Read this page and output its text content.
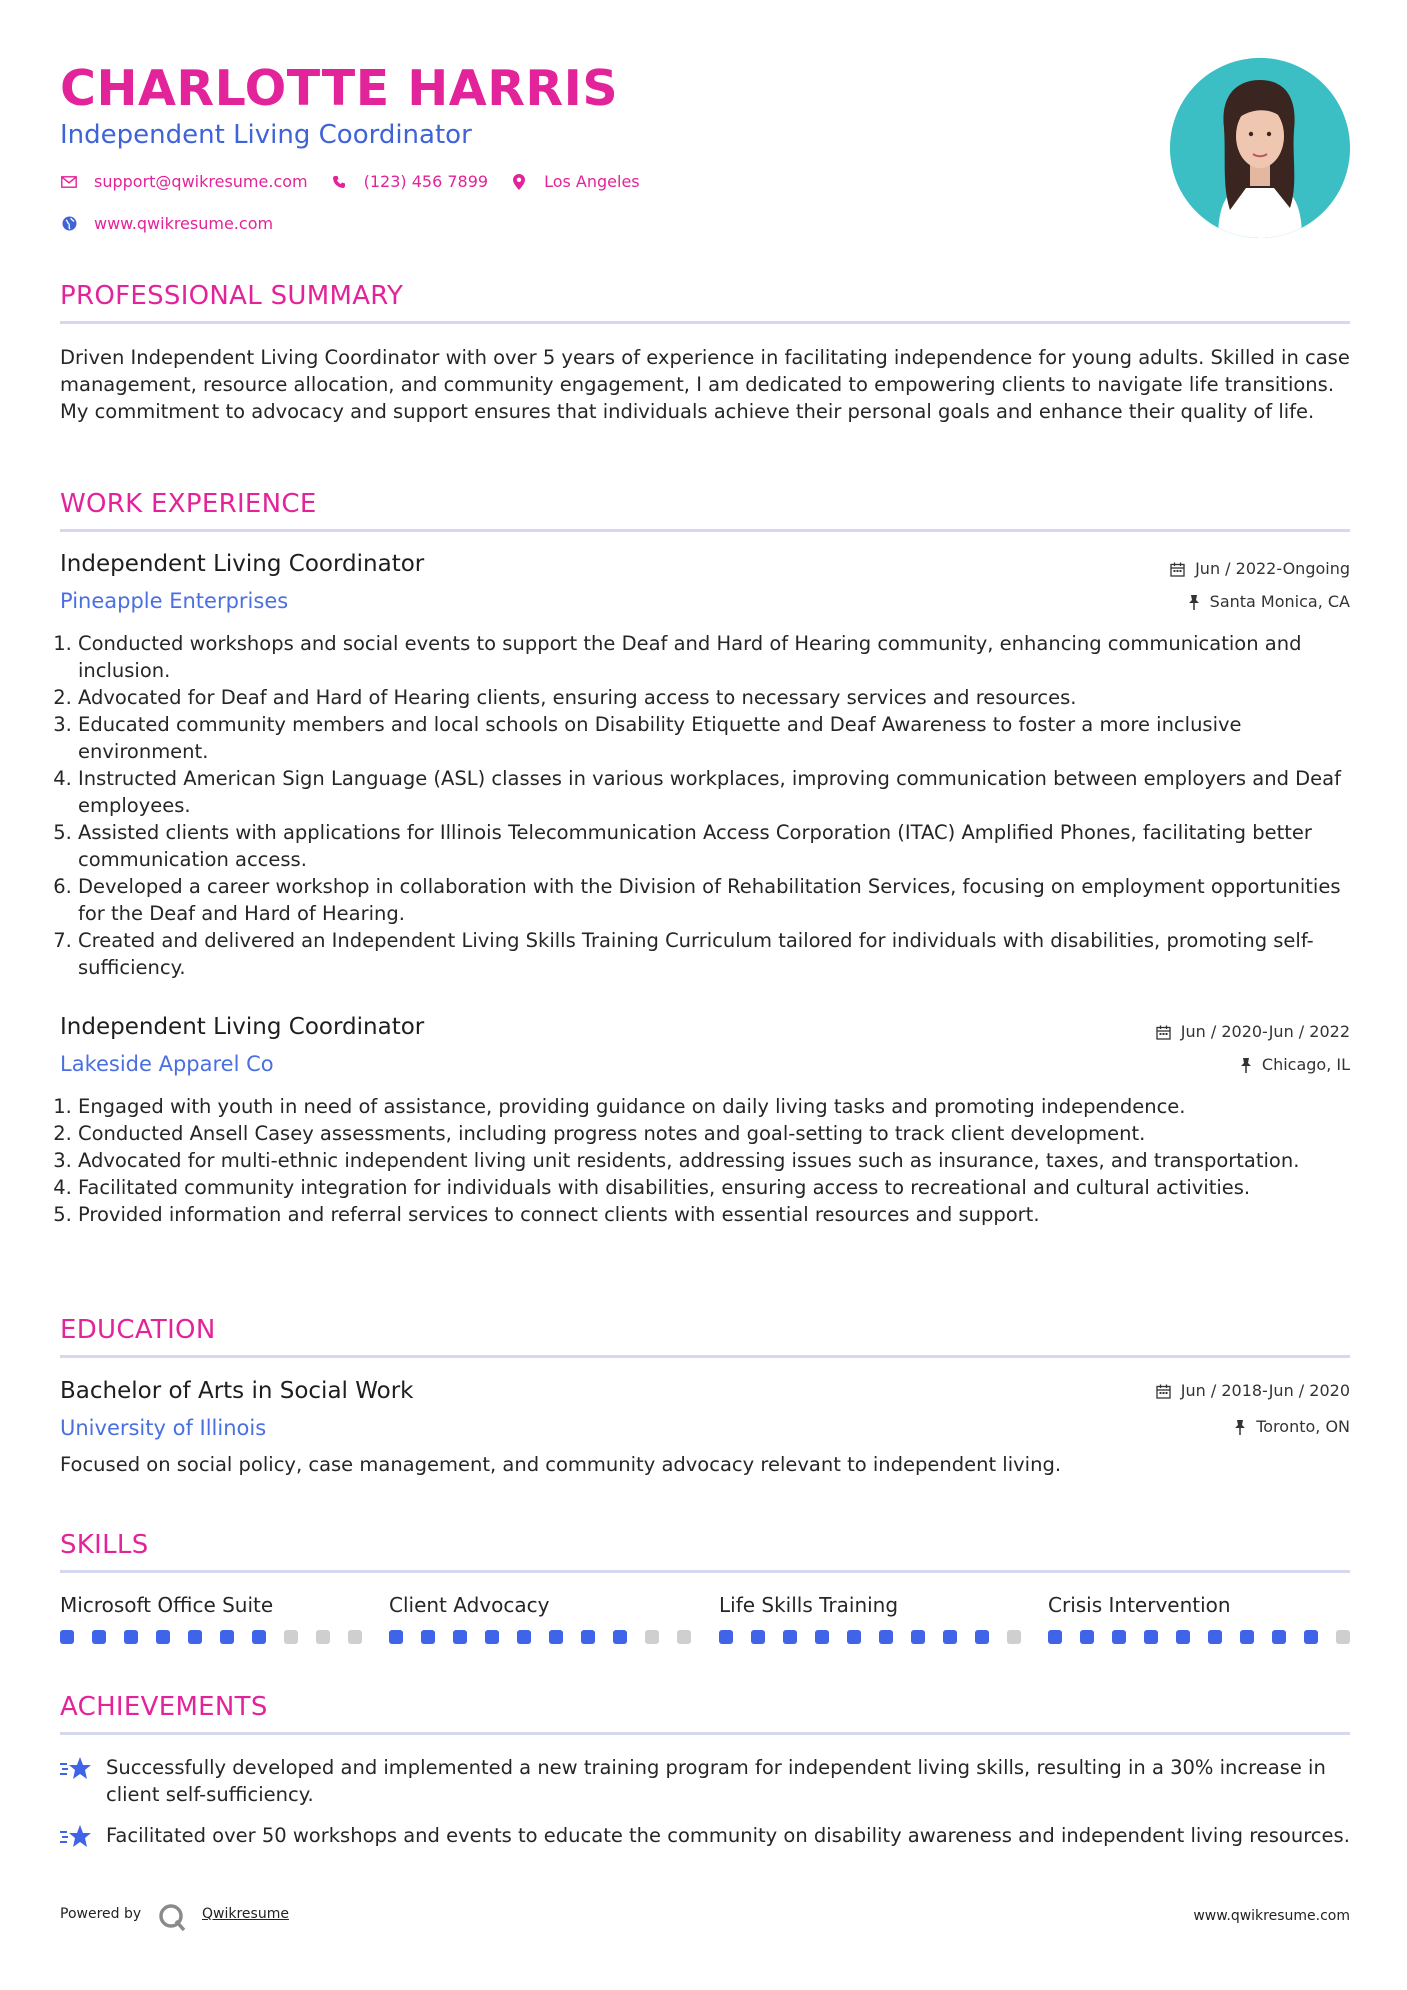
CHARLOTTE HARRIS
Independent Living Coordinator
support@qwikresume.com	(123) 456 7899	Los Angeles
www.qwikresume.com
PROFESSIONAL SUMMARY
Driven Independent Living Coordinator with over 5 years of experience in facilitating independence for young adults. Skilled in case management, resource allocation, and community engagement, I am dedicated to empowering clients to navigate life transitions. My commitment to advocacy and support ensures that individuals achieve their personal goals and enhance their quality of life.
WORK EXPERIENCE
Independent Living Coordinator	Jun / 2022-Ongoing
Pineapple Enterprises	Santa Monica, CA
1. Conducted workshops and social events to support the Deaf and Hard of Hearing community, enhancing communication and inclusion.
2. Advocated for Deaf and Hard of Hearing clients, ensuring access to necessary services and resources.
3. Educated community members and local schools on Disability Etiquette and Deaf Awareness to foster a more inclusive environment.
4. Instructed American Sign Language (ASL) classes in various workplaces, improving communication between employers and Deaf employees.
5. Assisted clients with applications for Illinois Telecommunication Access Corporation (ITAC) Amplified Phones, facilitating better communication access.
6. Developed a career workshop in collaboration with the Division of Rehabilitation Services, focusing on employment opportunities for the Deaf and Hard of Hearing.
7. Created and delivered an Independent Living Skills Training Curriculum tailored for individuals with disabilities, promoting self-sufficiency.
Independent Living Coordinator	Jun / 2020-Jun / 2022
Lakeside Apparel Co	Chicago, IL
1. Engaged with youth in need of assistance, providing guidance on daily living tasks and promoting independence.
2. Conducted Ansell Casey assessments, including progress notes and goal-setting to track client development.
3. Advocated for multi-ethnic independent living unit residents, addressing issues such as insurance, taxes, and transportation.
4. Facilitated community integration for individuals with disabilities, ensuring access to recreational and cultural activities.
5. Provided information and referral services to connect clients with essential resources and support.
EDUCATION
Bachelor of Arts in Social Work	Jun / 2018-Jun / 2020
University of Illinois	Toronto, ON
Focused on social policy, case management, and community advocacy relevant to independent living.
SKILLS
Microsoft Office Suite	Client Advocacy	Life Skills Training	Crisis Intervention
ACHIEVEMENTS
Successfully developed and implemented a new training program for independent living skills, resulting in a 30% increase in client self-sufficiency.
Facilitated over 50 workshops and events to educate the community on disability awareness and independent living resources.
Powered by	Qwikresume	www.qwikresume.com
